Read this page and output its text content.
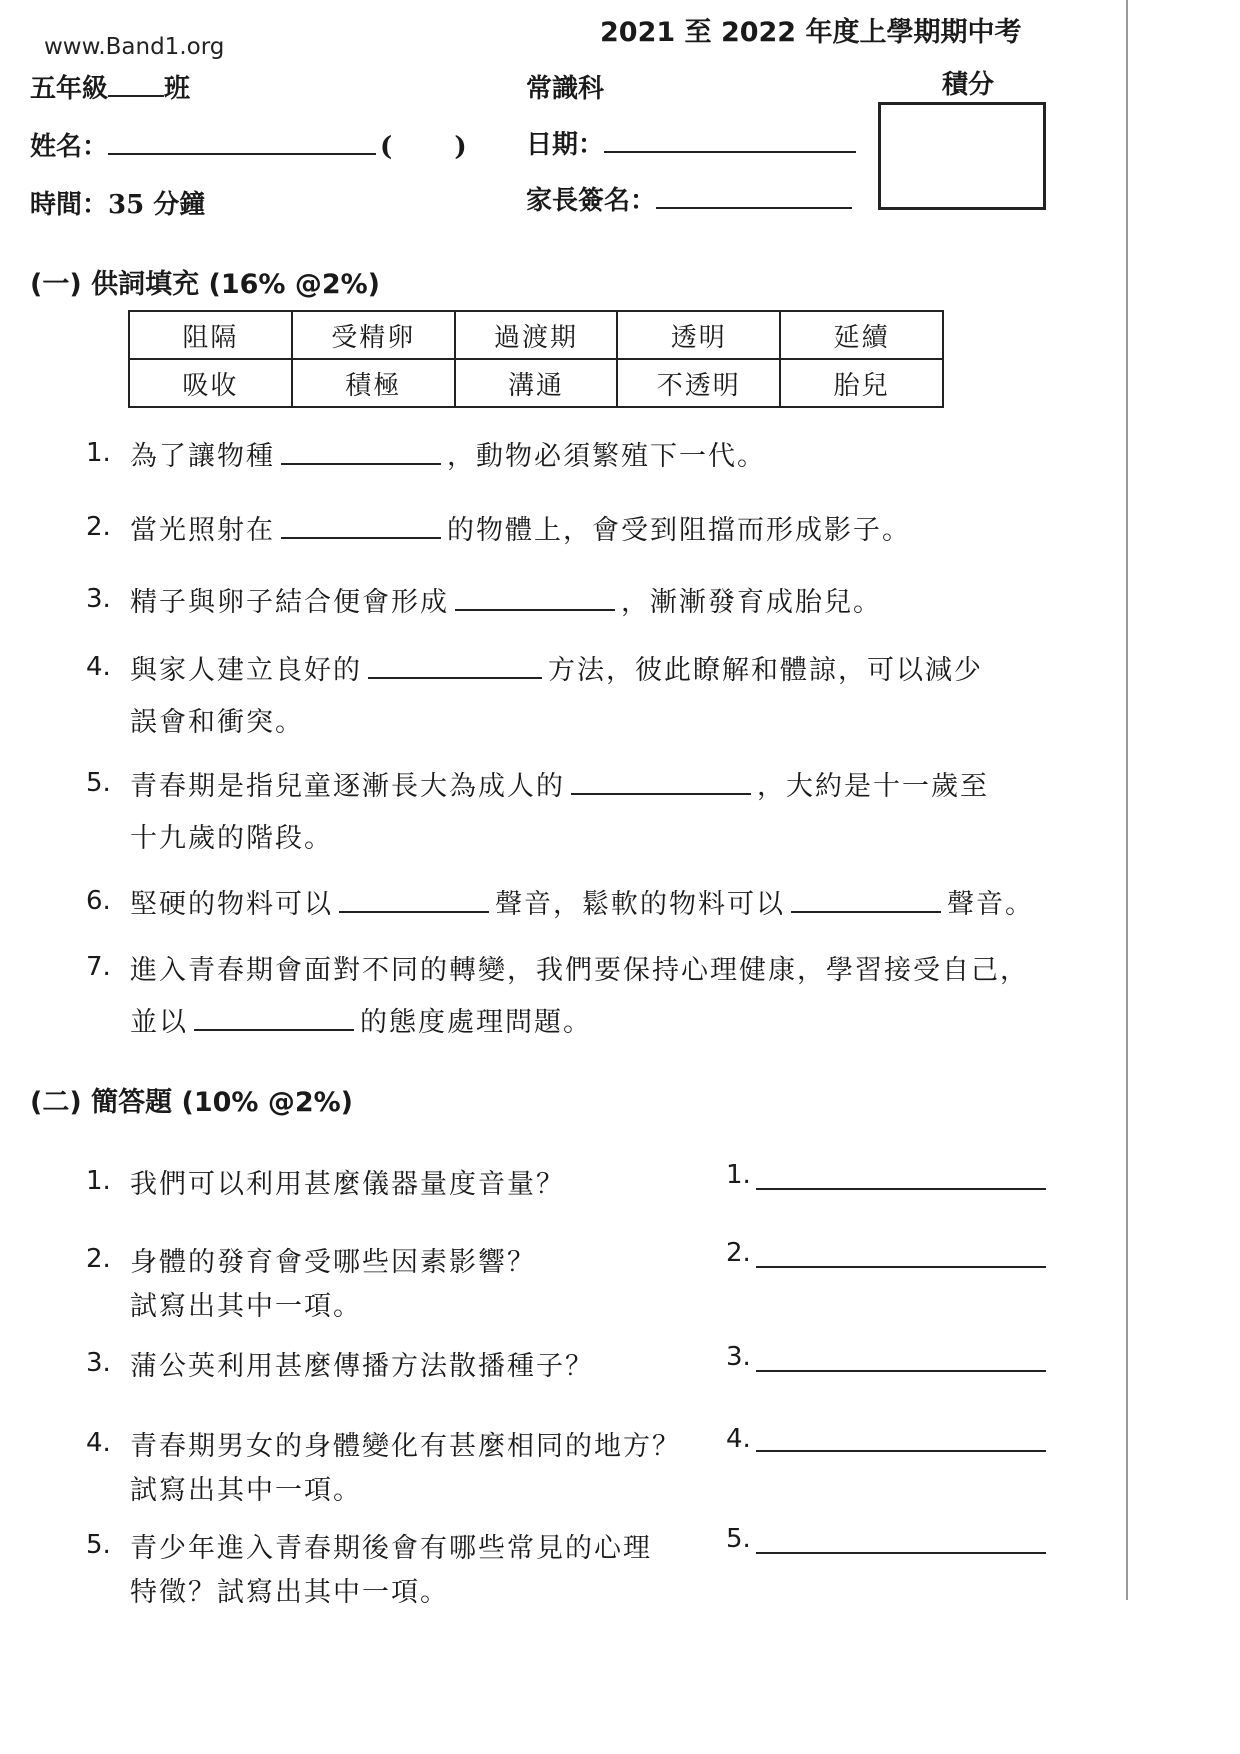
www.Band1.org	2021 至 2022 年度上學期期中考
五年級 班	常識科	積分
姓名：	( ) 日期：
時間：35 分鐘	家長簽名：
(一) 供詞填充 (16% @2%)
阻隔	受精卵	過渡期	透明	延續
吸收	積極	溝通	不透明	胎兒
1. 為了讓物種	，動物必須繁殖下一代。
2. 當光照射在	的物體上，會受到阻擋而形成影子。
3. 精子與卵子結合便會形成	，漸漸發育成胎兒。
4. 與家人建立良好的	方法，彼此瞭解和體諒，可以減少
誤會和衝突。
5. 青春期是指兒童逐漸長大為成人的	，大約是十一歲至
十九歲的階段。
6. 堅硬的物料可以	聲音，鬆軟的物料可以	聲音。
7. 進入青春期會面對不同的轉變，我們要保持心理健康，學習接受自己，
並以	的態度處理問題。
(二) 簡答題 (10% @2%)
1. 我們可以利用甚麼儀器量度音量？	1.
2. 身體的發育會受哪些因素影響？
試寫出其中一項。
2.
3. 蒲公英利用甚麼傳播方法散播種子？	3.
4. 青春期男女的身體變化有甚麼相同的地方？
試寫出其中一項。
4.
5. 青少年進入青春期後會有哪些常見的心理
特徵？試寫出其中一項。
5.
